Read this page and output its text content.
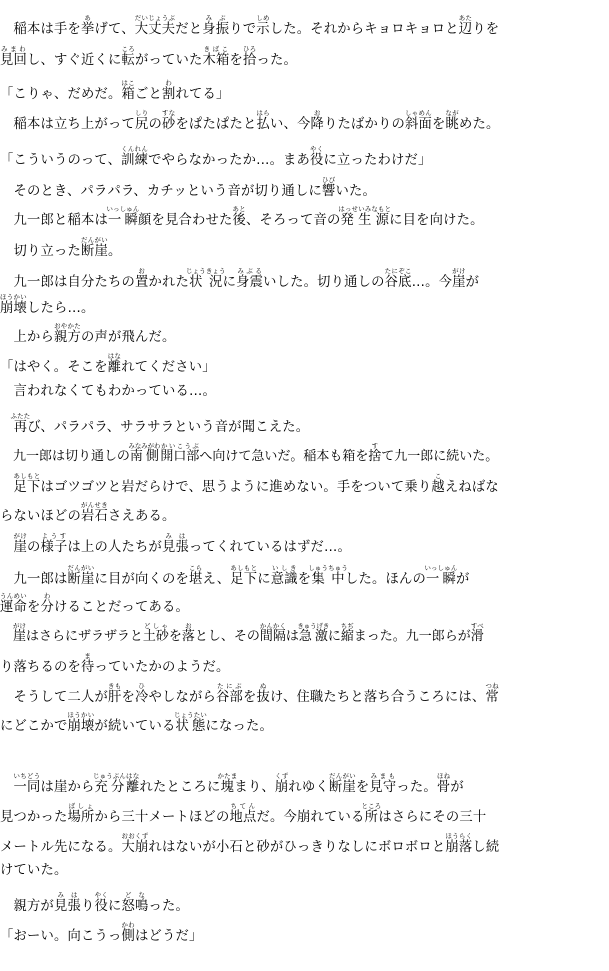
　稲本は手を挙あげて、大丈夫だいじょうぶだと身振みぶりで示しめした。それからキョロキョロと辺あたりを
見回みまわし、すぐ近くに転ころがっていた木箱きばこを拾ひろった。
「こりゃ、だめだ。箱はこごと割われてる」
　稲本は立ち上がって尻しりの砂すなをぱたぱたと払はらい、今降おりたばかりの斜面しゃめんを眺ながめた。
「こういうのって、訓練くんれんでやらなかったか…。まあ役やくに立ったわけだ」
　そのとき、パラパラ、カチッという音が切り通しに響ひびいた。
　九一郎と稲本は一瞬いっしゅん顔を見合わせた後あと、そろって音の発生源はっせいみなもとに目を向けた。
　切り立った断崖だんがい。
　九一郎は自分たちの置おかれた状況じょうきょうに身震みぶるいした。切り通しの谷底たにぞこ…。今崖がけが
崩壊ほうかいしたら…。
　上から親方おやかたの声が飛んだ。
「はやく。そこを離はなれてください」
　言われなくてもわかっている…。
　再ふたたび、パラパラ、サラサラという音が聞こえた。
　九一郎は切り通しの南側みなみがわ開口部かいこうぶへ向けて急いだ。稲本も箱を捨すて九一郎に続いた。
　足下あしもとはゴツゴツと岩だらけで、思うように進めない。手をついて乗り越こえねばな
らないほどの岩石がんせきさえある。
　崖がけの様子ようすは上の人たちが見張みはってくれているはずだ…。
　九一郎は断崖だんがいに目が向くのを堪こらえ、足下あしもとに意識いしきを集中しゅうちゅうした。ほんの一瞬いっしゅんが
運命うんめいを分わけることだってある。
　崖がけはさらにザラザラと土砂どしゃを落おとし、その間隔かんかくは急激きゅうげきに縮ちぢまった。九一郎らが滑すべ
り落ちるのを待まっていたかのようだ。
　そうして二人が肝きもを冷ひやしながら谷部たにぶを抜ぬけ、住職たちと落ち合うころには、常つね
にどこかで崩壊ほうかいが続いている状態じょうたいになった。
　一同いちどうは崖から充分じゅうぶん離はなれたところに塊かたままり、崩くずれゆく断崖だんがいを見守みまもった。骨ほねが
見つかった場所ばしょから三十メートほどの地点ちてんだ。今崩れている所ところはさらにその三十
メートル先になる。大崩おおくずれはないが小石と砂がひっきりなしにボロボロと崩落ほうらくし続
けていた。
　親方が見張みはり役やくに怒鳴どなった。
「おーい。向こうっ側かわはどうだ」
